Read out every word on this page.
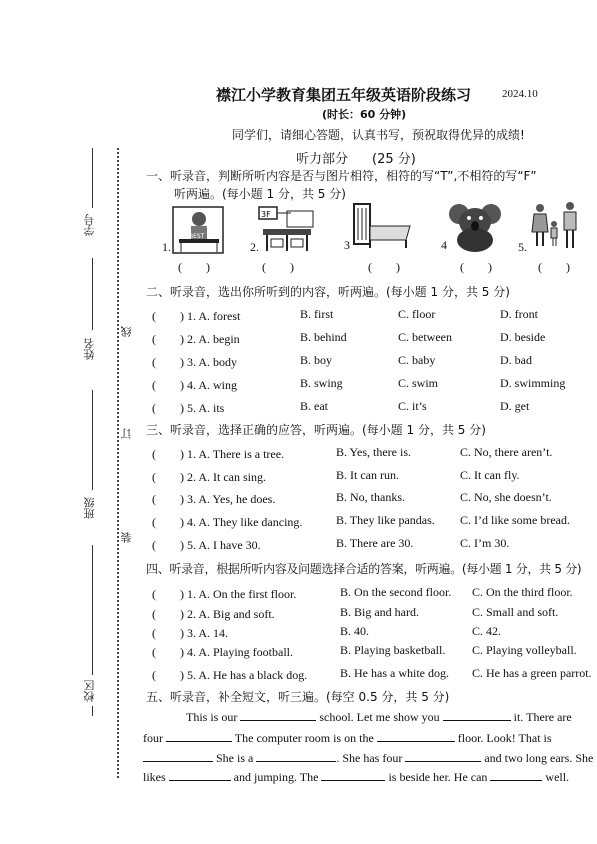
学号
姓名
班级
校区
线
订
装
襟江小学教育集团五年级英语阶段练习	2024.10
(时长：60 分钟)
同学们，请细心答题，认真书写，预祝取得优异的成绩!
听力部分 (25 分)
一、听录音，判断所听内容是否与图片相符，相符的写“T”,不相符的写“F”
听两遍。(每小题 1 分，共 5 分)
1.
BEST
2.
3F
3	4	5.
(　　)	(　　)	(　　)	(　　)	(　　)
二、听录音，选出你所听到的内容，听两遍。(每小题 1 分，共 5 分)
(　　) 1. A. forest	B. first	C. floor	D. front
(　　) 2. A. begin	B. behind	C. between	D. beside
(　　) 3. A. body	B. boy	C. baby	D. bad
(　　) 4. A. wing	B. swing	C. swim	D. swimming
(　　) 5. A. its	B. eat	C. it’s	D. get
三、听录音，选择正确的应答，听两遍。(每小题 1 分，共 5 分)
(　　) 1. A. There is a tree.	B. Yes, there is.	C. No, there aren’t.
(　　) 2. A. It can sing.	B. It can run.	C. It can fly.
(　　) 3. A. Yes, he does.	B. No, thanks.	C. No, she doesn’t.
(　　) 4. A. They like dancing.	B. They like pandas. C. I’d like some bread.
(　　) 5. A. I have 30.	B. There are 30.	C. I’m 30.
四、听录音，根据所听内容及问题选择合适的答案，听两遍。(每小题 1 分，共 5 分)
(　　) 1. A. On the first floor.	B. On the second floor. C. On the third floor.
(　　) 2. A. Big and soft.	B. Big and hard.	C. Small and soft.
(　　) 3. A. 14.	B. 40.	C. 42.
(　　) 4. A. Playing football.	B. Playing basketball. C. Playing volleyball.
(　　) 5. A. He has a black dog.	B. He has a white dog. C. He has a green parrot.
五、听录音，补全短文，听三遍。(每空 0.5 分，共 5 分)
This is our	school. Let me show you	it. There are
four	The computer room is on the	floor. Look! That is
She is a	. She has four	and two long ears. She
likes	and jumping. The	is beside her. He can	well.
